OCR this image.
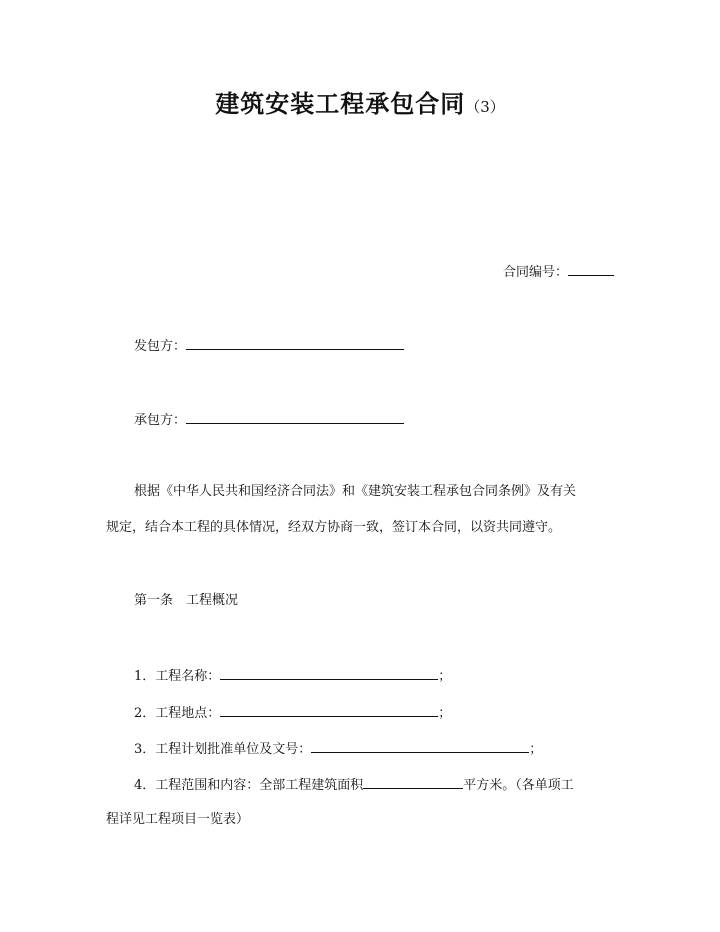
建筑安装工程承包合同（3）
合同编号：
发包方：
承包方：

根据《中华人民共和国经济合同法》和《建筑安装工程承包合同条例》及有关

规定，结合本工程的具体情况，经双方协商一致，签订本合同，以资共同遵守。

第一条　工程概况
1．工程名称：	；
2．工程地点：	；
3．工程计划批准单位及文号：	；
4．工程范围和内容：全部工程建筑面积	平方米。（各单项工
程详见工程项目一览表）
